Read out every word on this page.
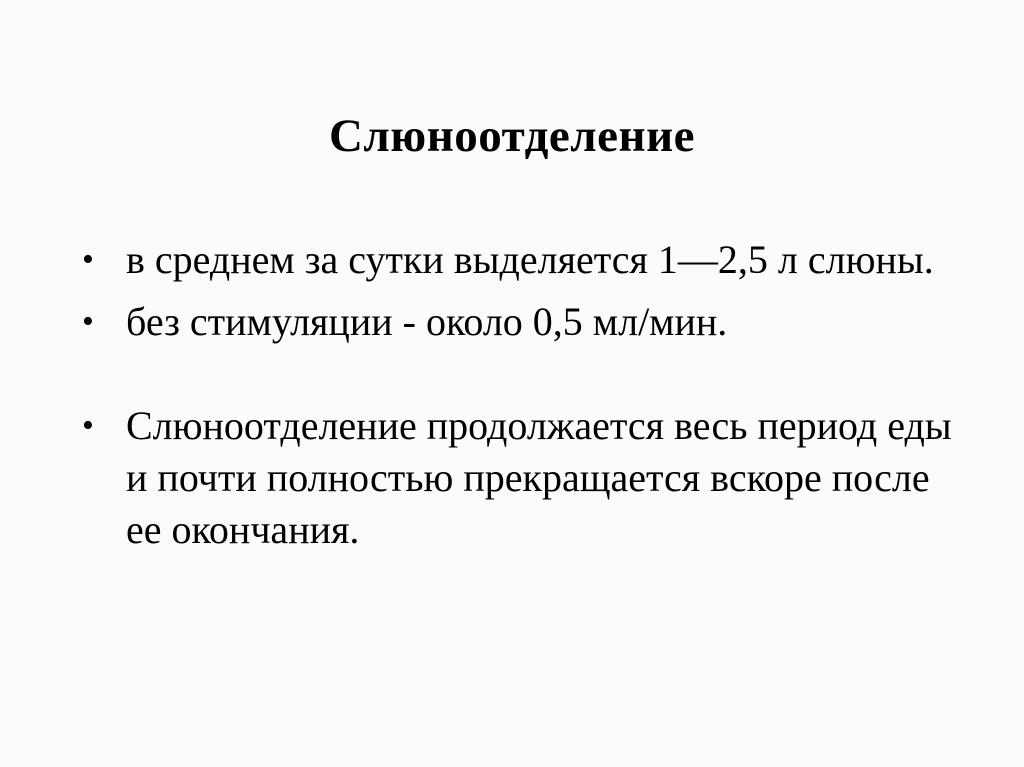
Слюноотделение
• в среднем за сутки выделяется 1—2,5 л слюны.
• без стимуляции - около 0,5 мл/мин.
• Слюноотделение продолжается весь период еды и почти полностью прекращается вскоре после ее окончания.
